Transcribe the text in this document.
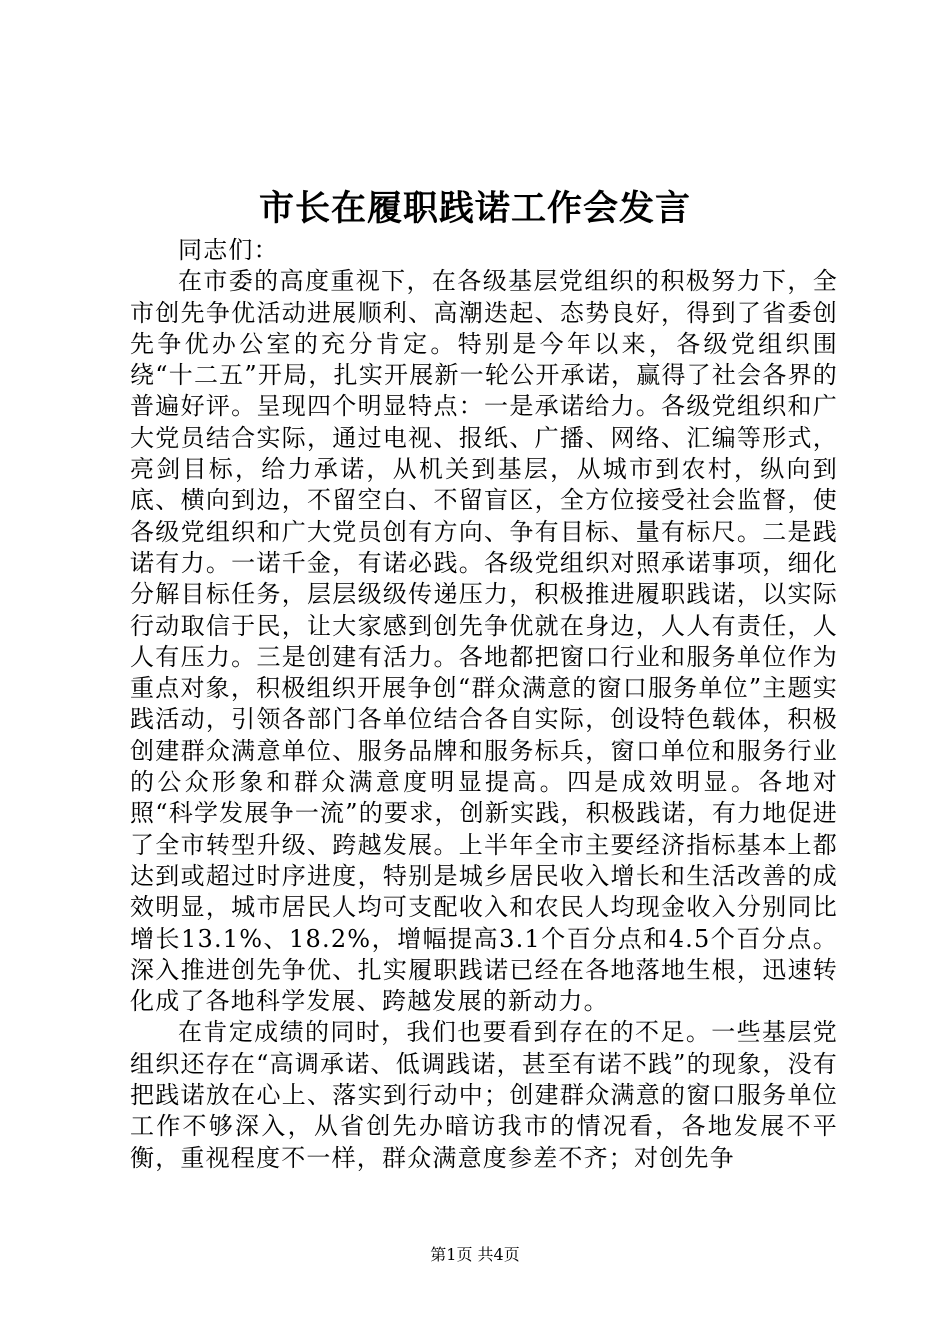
市长在履职践诺工作会发言

同志们：

在市委的高度重视下，在各级基层党组织的积极努力下，全市创先争优活动进展顺利、高潮迭起、态势良好，得到了省委创先争优办公室的充分肯定。特别是今年以来，各级党组织围绕“十二五”开局，扎实开展新一轮公开承诺，赢得了社会各界的普遍好评。呈现四个明显特点：一是承诺给力。各级党组织和广大党员结合实际，通过电视、报纸、广播、网络、汇编等形式，亮剑目标，给力承诺，从机关到基层，从城市到农村，纵向到底、横向到边，不留空白、不留盲区，全方位接受社会监督，使各级党组织和广大党员创有方向、争有目标、量有标尺。二是践诺有力。一诺千金，有诺必践。各级党组织对照承诺事项，细化分解目标任务，层层级级传递压力，积极推进履职践诺，以实际行动取信于民，让大家感到创先争优就在身边，人人有责任，人人有压力。三是创建有活力。各地都把窗口行业和服务单位作为重点对象，积极组织开展争创“群众满意的窗口服务单位”主题实践活动，引领各部门各单位结合各自实际，创设特色载体，积极创建群众满意单位、服务品牌和服务标兵，窗口单位和服务行业的公众形象和群众满意度明显提高。四是成效明显。各地对照“科学发展争一流”的要求，创新实践，积极践诺，有力地促进了全市转型升级、跨越发展。上半年全市主要经济指标基本上都达到或超过时序进度，特别是城乡居民收入增长和生活改善的成效明显，城市居民人均可支配收入和农民人均现金收入分别同比增长13.1%、18.2%，增幅提高3.1个百分点和4.5个百分点。深入推进创先争优、扎实履职践诺已经在各地落地生根，迅速转化成了各地科学发展、跨越发展的新动力。

在肯定成绩的同时，我们也要看到存在的不足。一些基层党组织还存在“高调承诺、低调践诺，甚至有诺不践”的现象，没有把践诺放在心上、落实到行动中；创建群众满意的窗口服务单位工作不够深入，从省创先办暗访我市的情况看，各地发展不平衡，重视程度不一样，群众满意度参差不齐；对创先争

第1页 共4页
